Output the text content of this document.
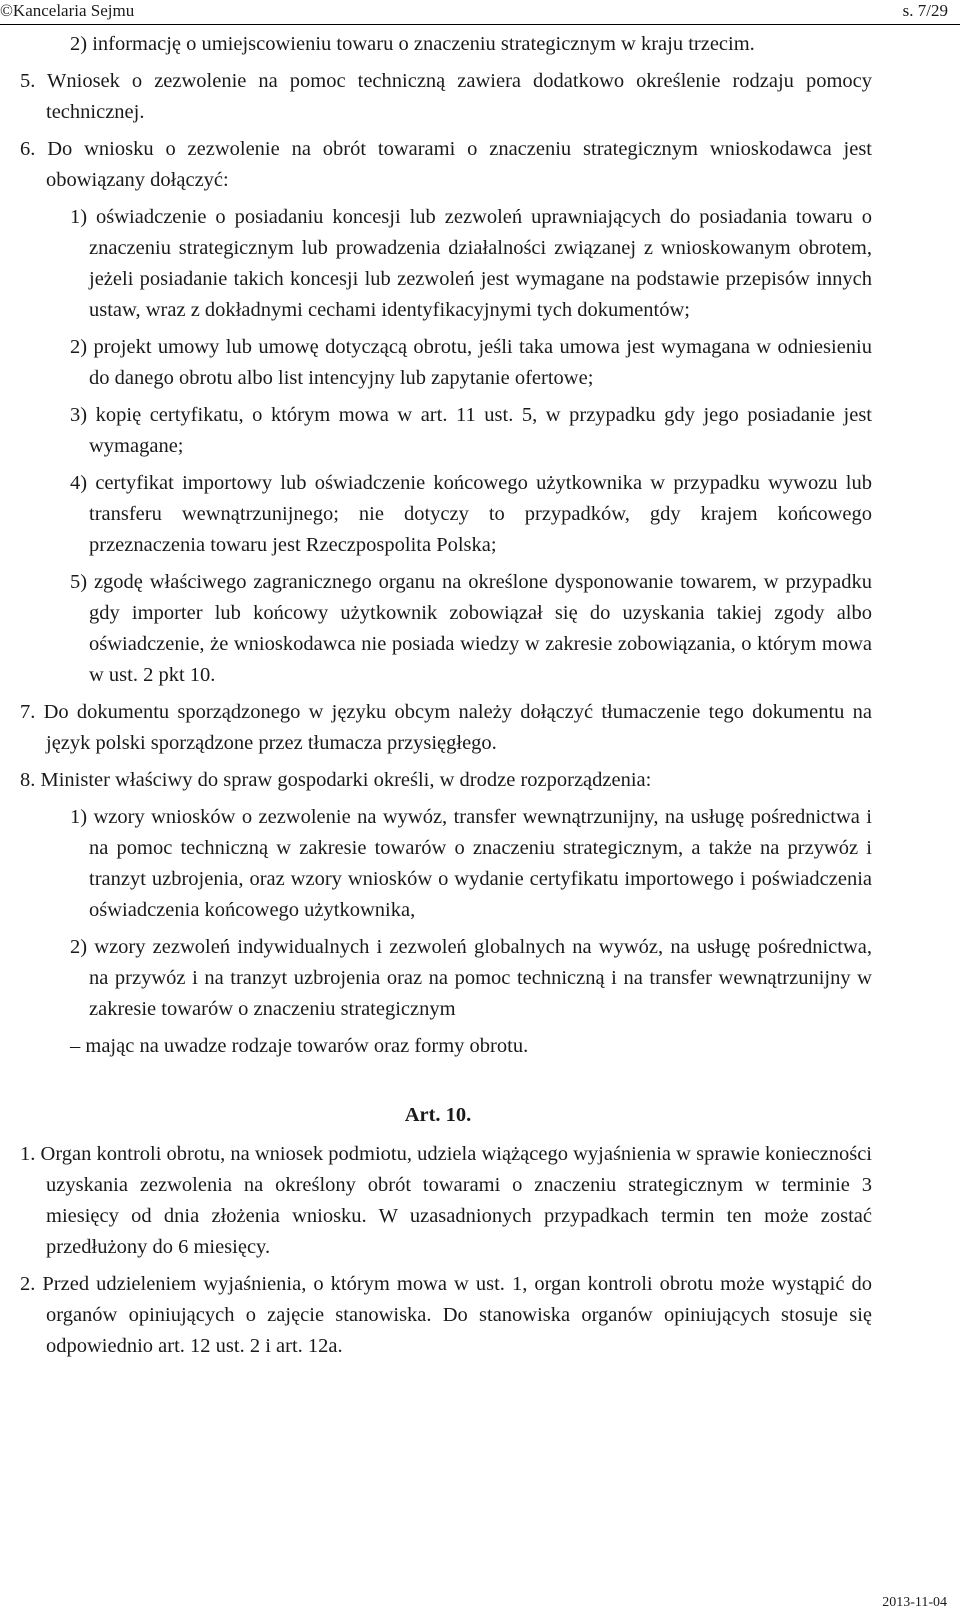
©Kancelaria Sejmu	s. 7/29

2) informację o umiejscowieniu towaru o znaczeniu strategicznym w kraju trzecim.

5. Wniosek o zezwolenie na pomoc techniczną zawiera dodatkowo określenie rodzaju pomocy technicznej.

6. Do wniosku o zezwolenie na obrót towarami o znaczeniu strategicznym wnioskodawca jest obowiązany dołączyć:

1) oświadczenie o posiadaniu koncesji lub zezwoleń uprawniających do posiadania towaru o znaczeniu strategicznym lub prowadzenia działalności związanej z wnioskowanym obrotem, jeżeli posiadanie takich koncesji lub zezwoleń jest wymagane na podstawie przepisów innych ustaw, wraz z dokładnymi cechami identyfikacyjnymi tych dokumentów;

2) projekt umowy lub umowę dotyczącą obrotu, jeśli taka umowa jest wymagana w odniesieniu do danego obrotu albo list intencyjny lub zapytanie ofertowe;

3) kopię certyfikatu, o którym mowa w art. 11 ust. 5, w przypadku gdy jego posiadanie jest wymagane;

4) certyfikat importowy lub oświadczenie końcowego użytkownika w przypadku wywozu lub transferu wewnątrzunijnego; nie dotyczy to przypadków, gdy krajem końcowego przeznaczenia towaru jest Rzeczpospolita Polska;

5) zgodę właściwego zagranicznego organu na określone dysponowanie towarem, w przypadku gdy importer lub końcowy użytkownik zobowiązał się do uzyskania takiej zgody albo oświadczenie, że wnioskodawca nie posiada wiedzy w zakresie zobowiązania, o którym mowa w ust. 2 pkt 10.

7. Do dokumentu sporządzonego w języku obcym należy dołączyć tłumaczenie tego dokumentu na język polski sporządzone przez tłumacza przysięgłego.

8. Minister właściwy do spraw gospodarki określi, w drodze rozporządzenia:

1) wzory wniosków o zezwolenie na wywóz, transfer wewnątrzunijny, na usługę pośrednictwa i na pomoc techniczną w zakresie towarów o znaczeniu strategicznym, a także na przywóz i tranzyt uzbrojenia, oraz wzory wniosków o wydanie certyfikatu importowego i poświadczenia oświadczenia końcowego użytkownika,

2) wzory zezwoleń indywidualnych i zezwoleń globalnych na wywóz, na usługę pośrednictwa, na przywóz i na tranzyt uzbrojenia oraz na pomoc techniczną i na transfer wewnątrzunijny w zakresie towarów o znaczeniu strategicznym

– mając na uwadze rodzaje towarów oraz formy obrotu.

Art. 10.

1. Organ kontroli obrotu, na wniosek podmiotu, udziela wiążącego wyjaśnienia w sprawie konieczności uzyskania zezwolenia na określony obrót towarami o znaczeniu strategicznym w terminie 3 miesięcy od dnia złożenia wniosku. W uzasadnionych przypadkach termin ten może zostać przedłużony do 6 miesięcy.

2. Przed udzieleniem wyjaśnienia, o którym mowa w ust. 1, organ kontroli obrotu może wystąpić do organów opiniujących o zajęcie stanowiska. Do stanowiska organów opiniujących stosuje się odpowiednio art. 12 ust. 2 i art. 12a.

2013-11-04
